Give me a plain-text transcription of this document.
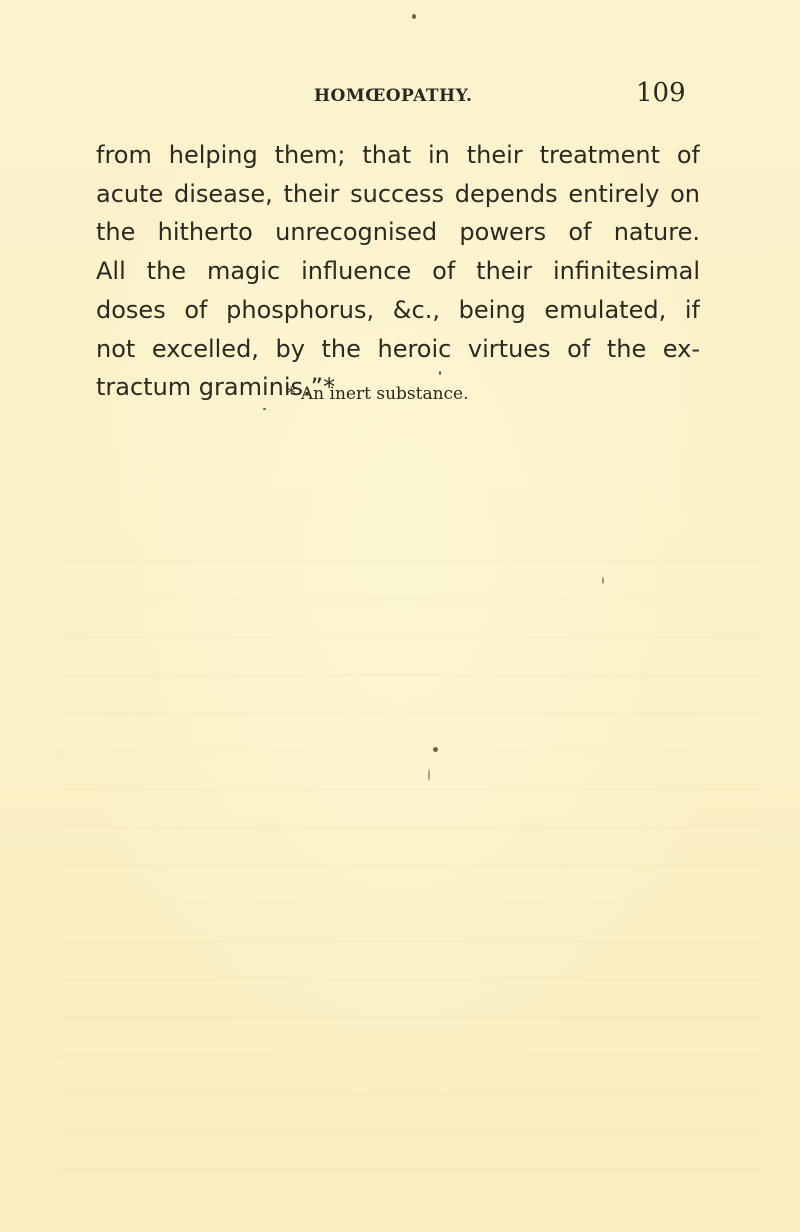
HOMŒOPATHY.	109
from helping them; that in their treatment of
acute disease, their success depends entirely on
the hitherto unrecognised powers of nature.
All the magic influence of their infinitesimal
doses of phosphorus, &c., being emulated, if
not excelled, by the heroic virtues of the ex-
tractum graminis.”*
* An inert substance.
